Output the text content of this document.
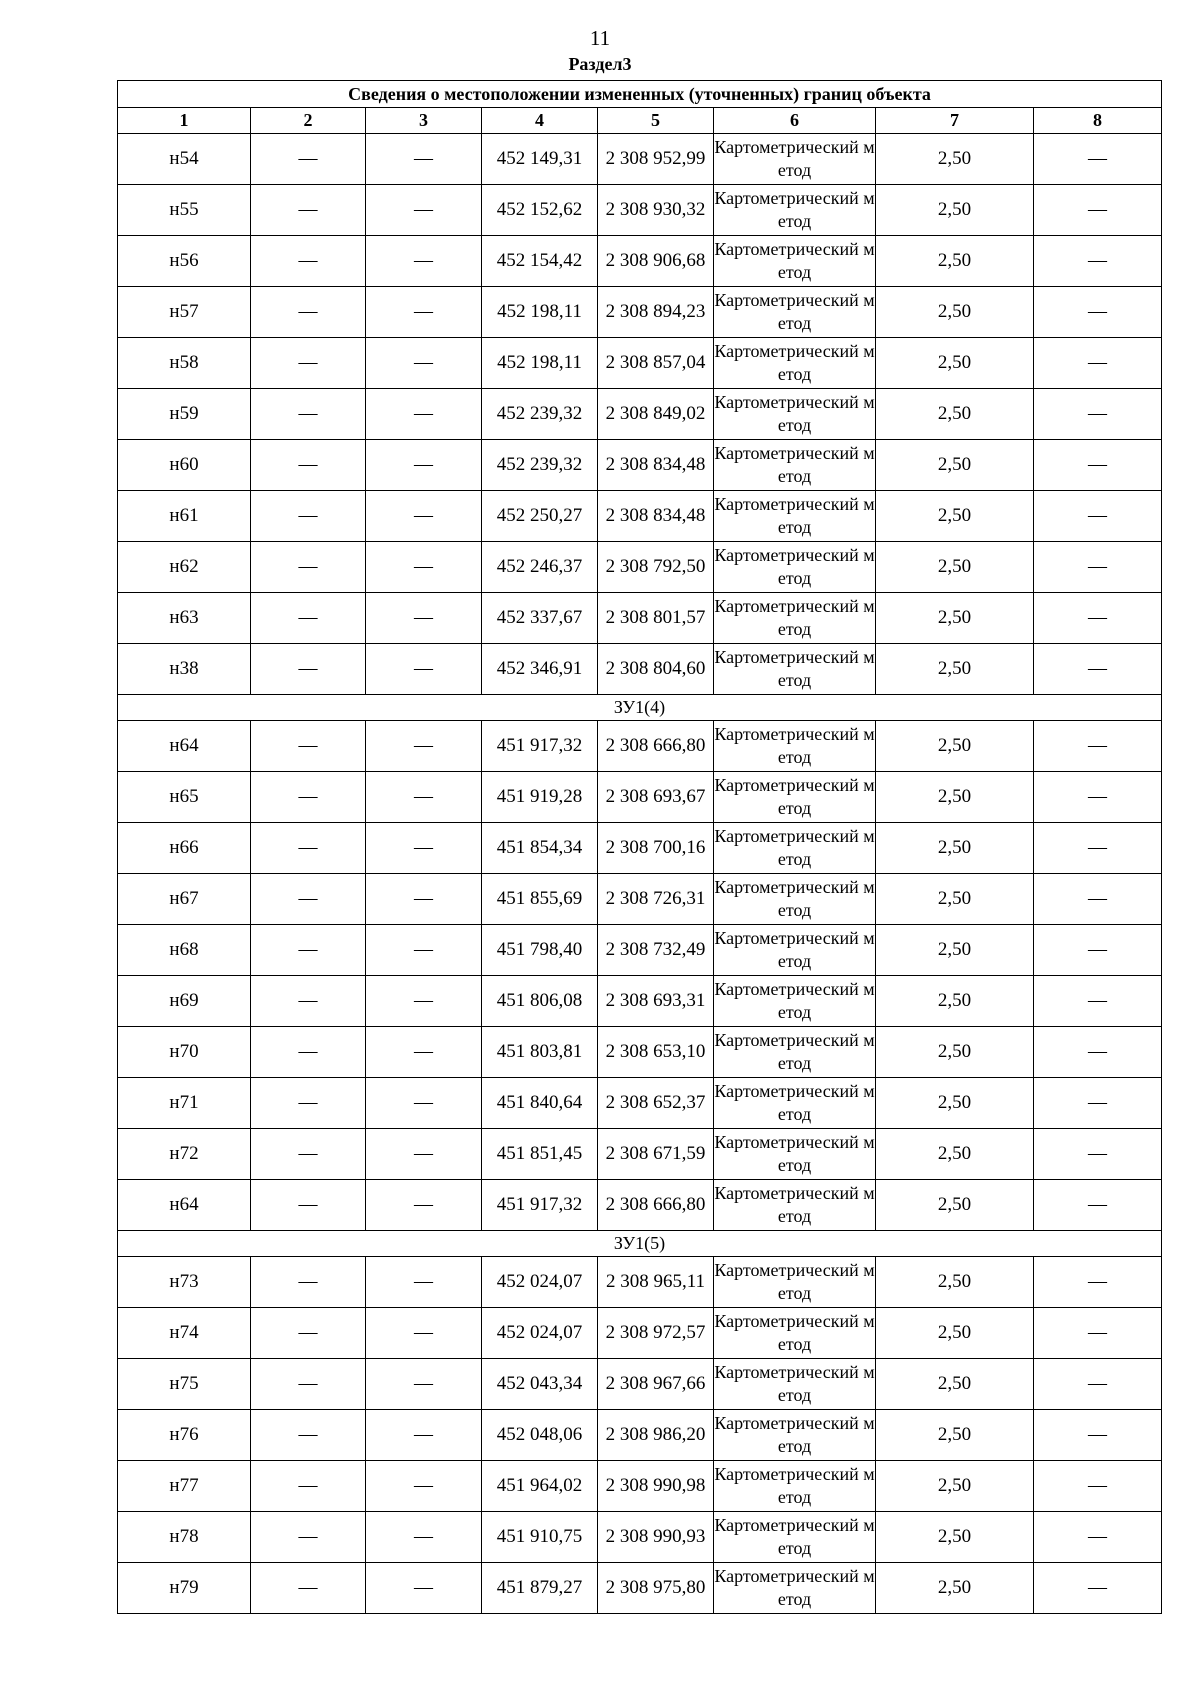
11
Раздел3
Сведения о местоположении измененных (уточненных) границ объекта							
1	2	3	4	5	6	7	8
н54	—	—	452 149,31	2 308 952,99	Картометрический метод	2,50	—
н55	—	—	452 152,62	2 308 930,32	Картометрический метод	2,50	—
н56	—	—	452 154,42	2 308 906,68	Картометрический метод	2,50	—
н57	—	—	452 198,11	2 308 894,23	Картометрический метод	2,50	—
н58	—	—	452 198,11	2 308 857,04	Картометрический метод	2,50	—
н59	—	—	452 239,32	2 308 849,02	Картометрический метод	2,50	—
н60	—	—	452 239,32	2 308 834,48	Картометрический метод	2,50	—
н61	—	—	452 250,27	2 308 834,48	Картометрический метод	2,50	—
н62	—	—	452 246,37	2 308 792,50	Картометрический метод	2,50	—
н63	—	—	452 337,67	2 308 801,57	Картометрический метод	2,50	—
н38	—	—	452 346,91	2 308 804,60	Картометрический метод	2,50	—
ЗУ1(4)							
н64	—	—	451 917,32	2 308 666,80	Картометрический метод	2,50	—
н65	—	—	451 919,28	2 308 693,67	Картометрический метод	2,50	—
н66	—	—	451 854,34	2 308 700,16	Картометрический метод	2,50	—
н67	—	—	451 855,69	2 308 726,31	Картометрический метод	2,50	—
н68	—	—	451 798,40	2 308 732,49	Картометрический метод	2,50	—
н69	—	—	451 806,08	2 308 693,31	Картометрический метод	2,50	—
н70	—	—	451 803,81	2 308 653,10	Картометрический метод	2,50	—
н71	—	—	451 840,64	2 308 652,37	Картометрический метод	2,50	—
н72	—	—	451 851,45	2 308 671,59	Картометрический метод	2,50	—
н64	—	—	451 917,32	2 308 666,80	Картометрический метод	2,50	—
ЗУ1(5)							
н73	—	—	452 024,07	2 308 965,11	Картометрический метод	2,50	—
н74	—	—	452 024,07	2 308 972,57	Картометрический метод	2,50	—
н75	—	—	452 043,34	2 308 967,66	Картометрический метод	2,50	—
н76	—	—	452 048,06	2 308 986,20	Картометрический метод	2,50	—
н77	—	—	451 964,02	2 308 990,98	Картометрический метод	2,50	—
н78	—	—	451 910,75	2 308 990,93	Картометрический метод	2,50	—
н79	—	—	451 879,27	2 308 975,80	Картометрический метод	2,50	—
